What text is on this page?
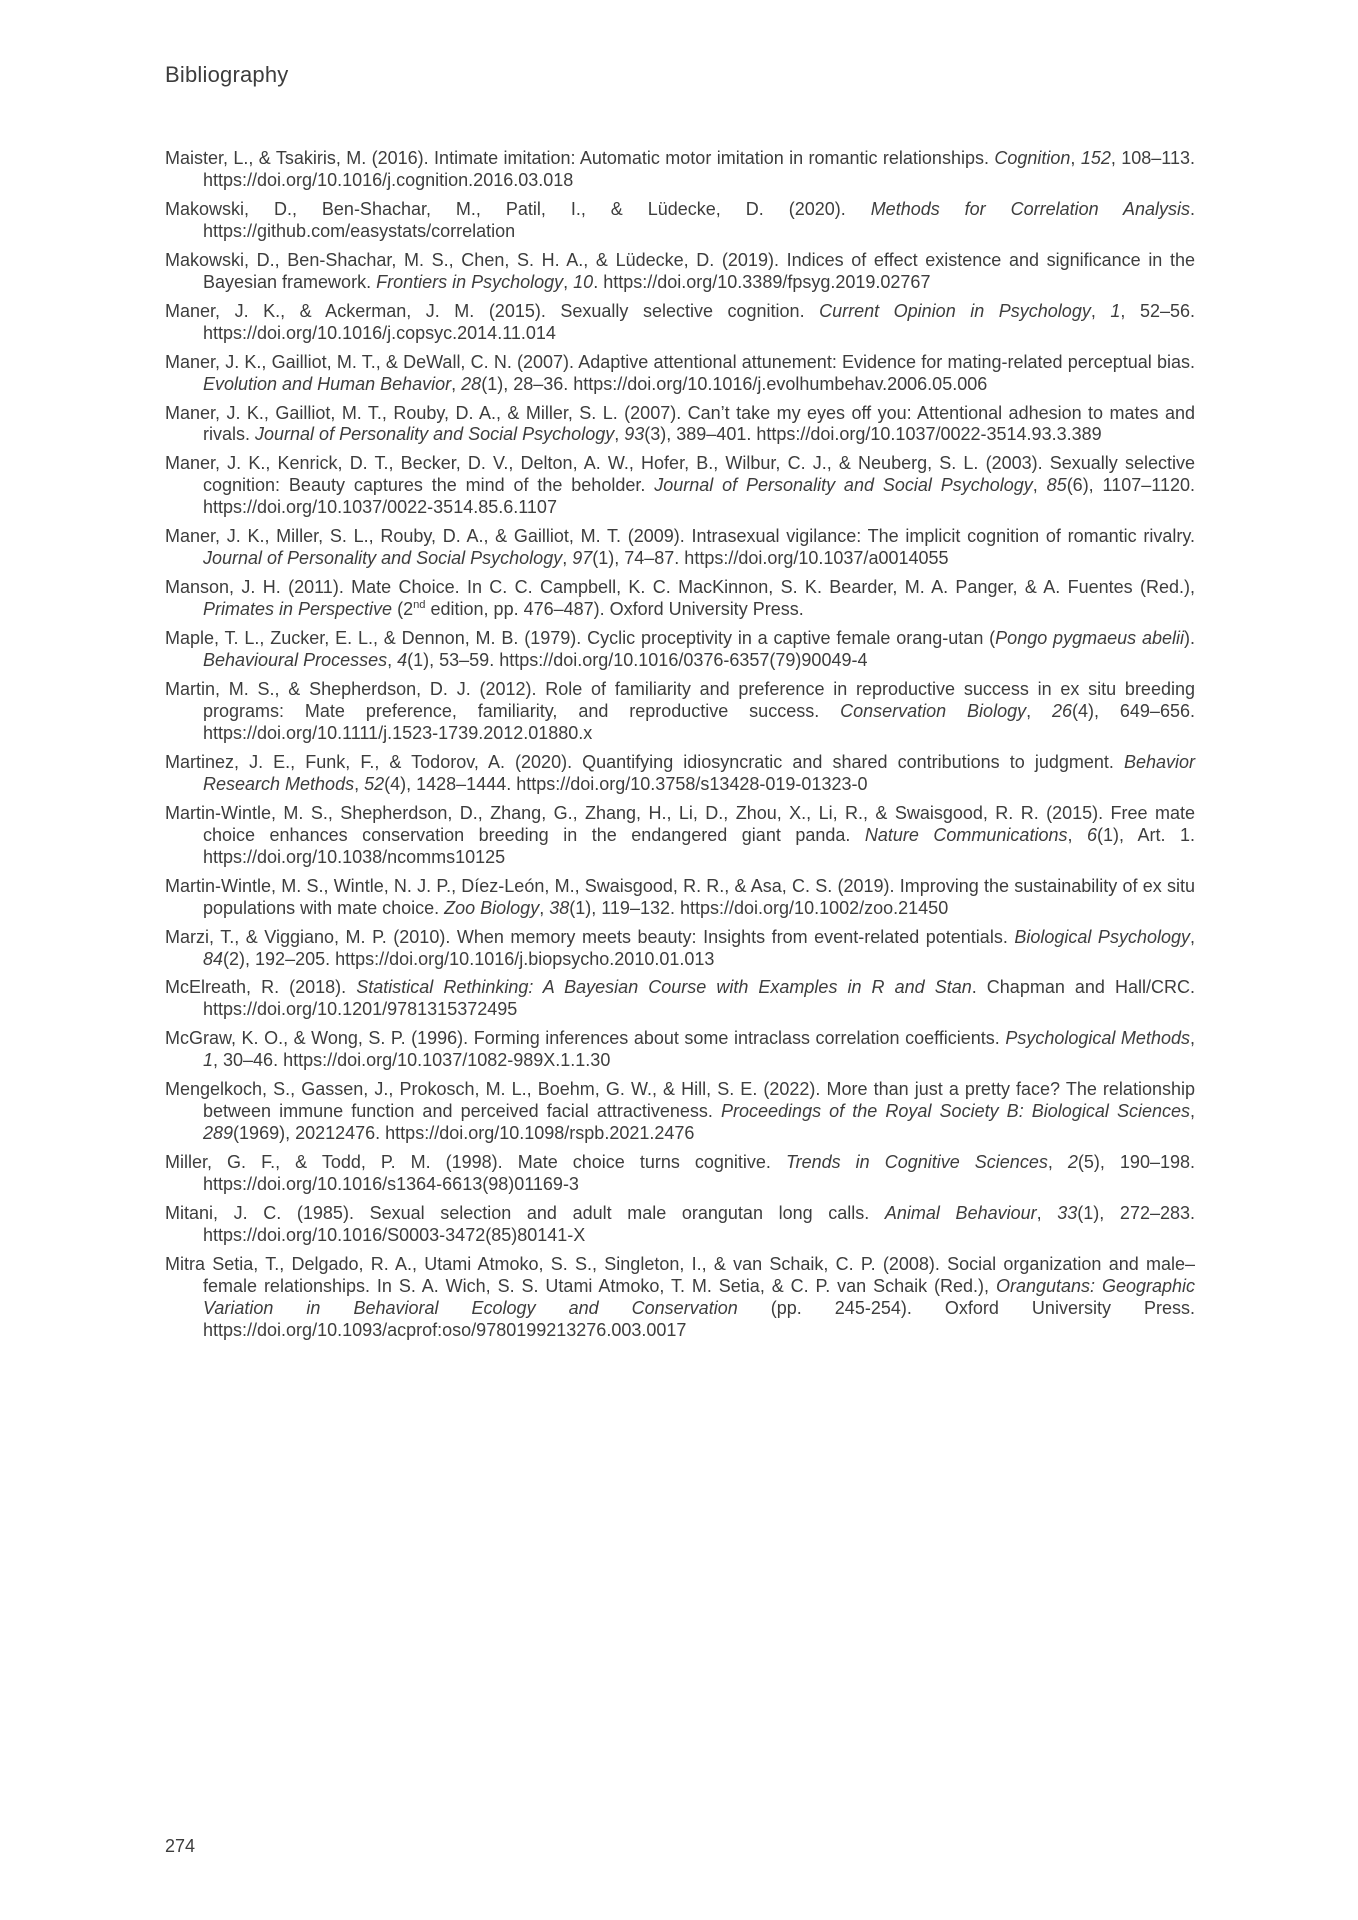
Bibliography

Maister, L., & Tsakiris, M. (2016). Intimate imitation: Automatic motor imitation in romantic relationships. Cognition, 152, 108–113. https://doi.org/10.1016/j.cognition.2016.03.018

Makowski, D., Ben-Shachar, M., Patil, I., & Lüdecke, D. (2020). Methods for Correlation Analysis. https://github.com/easystats/correlation

Makowski, D., Ben-Shachar, M. S., Chen, S. H. A., & Lüdecke, D. (2019). Indices of effect existence and significance in the Bayesian framework. Frontiers in Psychology, 10. https://doi.org/10.3389/fpsyg.2019.02767

Maner, J. K., & Ackerman, J. M. (2015). Sexually selective cognition. Current Opinion in Psychology, 1, 52–56. https://doi.org/10.1016/j.copsyc.2014.11.014

Maner, J. K., Gailliot, M. T., & DeWall, C. N. (2007). Adaptive attentional attunement: Evidence for mating-related perceptual bias. Evolution and Human Behavior, 28(1), 28–36. https://doi.org/10.1016/j.evolhumbehav.2006.05.006

Maner, J. K., Gailliot, M. T., Rouby, D. A., & Miller, S. L. (2007). Can’t take my eyes off you: Attentional adhesion to mates and rivals. Journal of Personality and Social Psychology, 93(3), 389–401. https://doi.org/10.1037/0022-3514.93.3.389

Maner, J. K., Kenrick, D. T., Becker, D. V., Delton, A. W., Hofer, B., Wilbur, C. J., & Neuberg, S. L. (2003). Sexually selective cognition: Beauty captures the mind of the beholder. Journal of Personality and Social Psychology, 85(6), 1107–1120. https://doi.org/10.1037/0022-3514.85.6.1107

Maner, J. K., Miller, S. L., Rouby, D. A., & Gailliot, M. T. (2009). Intrasexual vigilance: The implicit cognition of romantic rivalry. Journal of Personality and Social Psychology, 97(1), 74–87. https://doi.org/10.1037/a0014055

Manson, J. H. (2011). Mate Choice. In C. C. Campbell, K. C. MacKinnon, S. K. Bearder, M. A. Panger, & A. Fuentes (Red.), Primates in Perspective (2nd edition, pp. 476–487). Oxford University Press.

Maple, T. L., Zucker, E. L., & Dennon, M. B. (1979). Cyclic proceptivity in a captive female orang-utan (Pongo pygmaeus abelii). Behavioural Processes, 4(1), 53–59. https://doi.org/10.1016/0376-6357(79)90049-4

Martin, M. S., & Shepherdson, D. J. (2012). Role of familiarity and preference in reproductive success in ex situ breeding programs: Mate preference, familiarity, and reproductive success. Conservation Biology, 26(4), 649–656. https://doi.org/10.1111/j.1523-1739.2012.01880.x

Martinez, J. E., Funk, F., & Todorov, A. (2020). Quantifying idiosyncratic and shared contributions to judgment. Behavior Research Methods, 52(4), 1428–1444. https://doi.org/10.3758/s13428-019-01323-0

Martin-Wintle, M. S., Shepherdson, D., Zhang, G., Zhang, H., Li, D., Zhou, X., Li, R., & Swaisgood, R. R. (2015). Free mate choice enhances conservation breeding in the endangered giant panda. Nature Communications, 6(1), Art. 1. https://doi.org/10.1038/ncomms10125

Martin-Wintle, M. S., Wintle, N. J. P., Díez-León, M., Swaisgood, R. R., & Asa, C. S. (2019). Improving the sustainability of ex situ populations with mate choice. Zoo Biology, 38(1), 119–132. https://doi.org/10.1002/zoo.21450

Marzi, T., & Viggiano, M. P. (2010). When memory meets beauty: Insights from event-related potentials. Biological Psychology, 84(2), 192–205. https://doi.org/10.1016/j.biopsycho.2010.01.013

McElreath, R. (2018). Statistical Rethinking: A Bayesian Course with Examples in R and Stan. Chapman and Hall/CRC. https://doi.org/10.1201/9781315372495

McGraw, K. O., & Wong, S. P. (1996). Forming inferences about some intraclass correlation coefficients. Psychological Methods, 1, 30–46. https://doi.org/10.1037/1082-989X.1.1.30

Mengelkoch, S., Gassen, J., Prokosch, M. L., Boehm, G. W., & Hill, S. E. (2022). More than just a pretty face? The relationship between immune function and perceived facial attractiveness. Proceedings of the Royal Society B: Biological Sciences, 289(1969), 20212476. https://doi.org/10.1098/rspb.2021.2476

Miller, G. F., & Todd, P. M. (1998). Mate choice turns cognitive. Trends in Cognitive Sciences, 2(5), 190–198. https://doi.org/10.1016/s1364-6613(98)01169-3

Mitani, J. C. (1985). Sexual selection and adult male orangutan long calls. Animal Behaviour, 33(1), 272–283. https://doi.org/10.1016/S0003-3472(85)80141-X

Mitra Setia, T., Delgado, R. A., Utami Atmoko, S. S., Singleton, I., & van Schaik, C. P. (2008). Social organization and male–female relationships. In S. A. Wich, S. S. Utami Atmoko, T. M. Setia, & C. P. van Schaik (Red.), Orangutans: Geographic Variation in Behavioral Ecology and Conservation (pp. 245-254). Oxford University Press. https://doi.org/10.1093/acprof:oso/9780199213276.003.0017

274
